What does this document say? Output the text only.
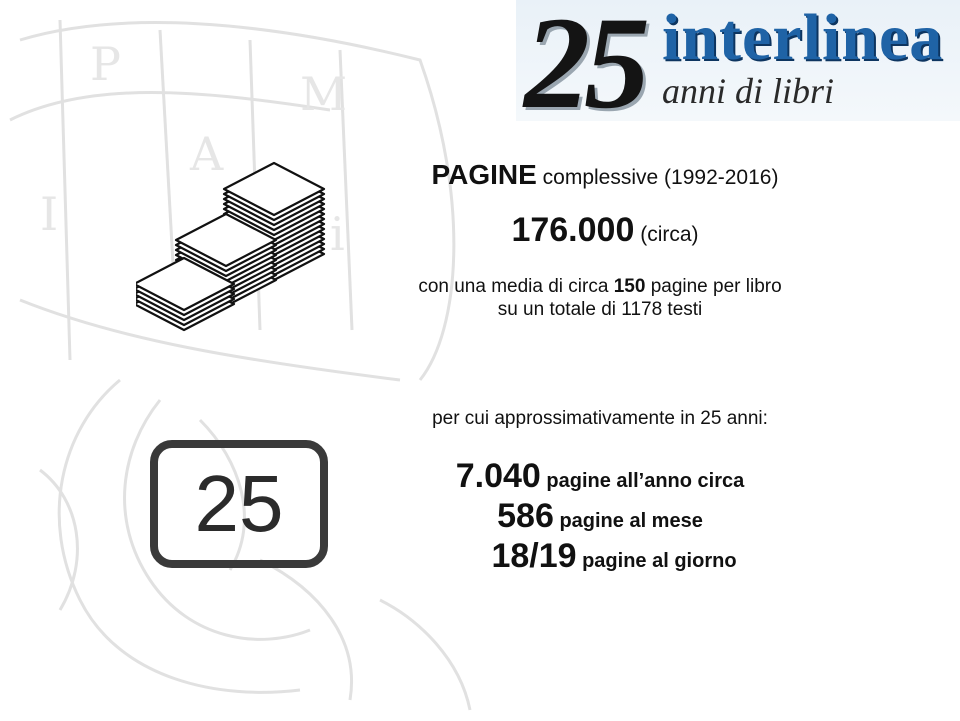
P
M
A
I	i
25 interlinea
anni di libri
25
PAGINE complessive (1992-2016)
176.000 (circa)
con una media di circa 150 pagine per libro
su un totale di 1178 testi
per cui approssimativamente in 25 anni:
7.040 pagine all’anno circa
586 pagine al mese
18/19 pagine al giorno
